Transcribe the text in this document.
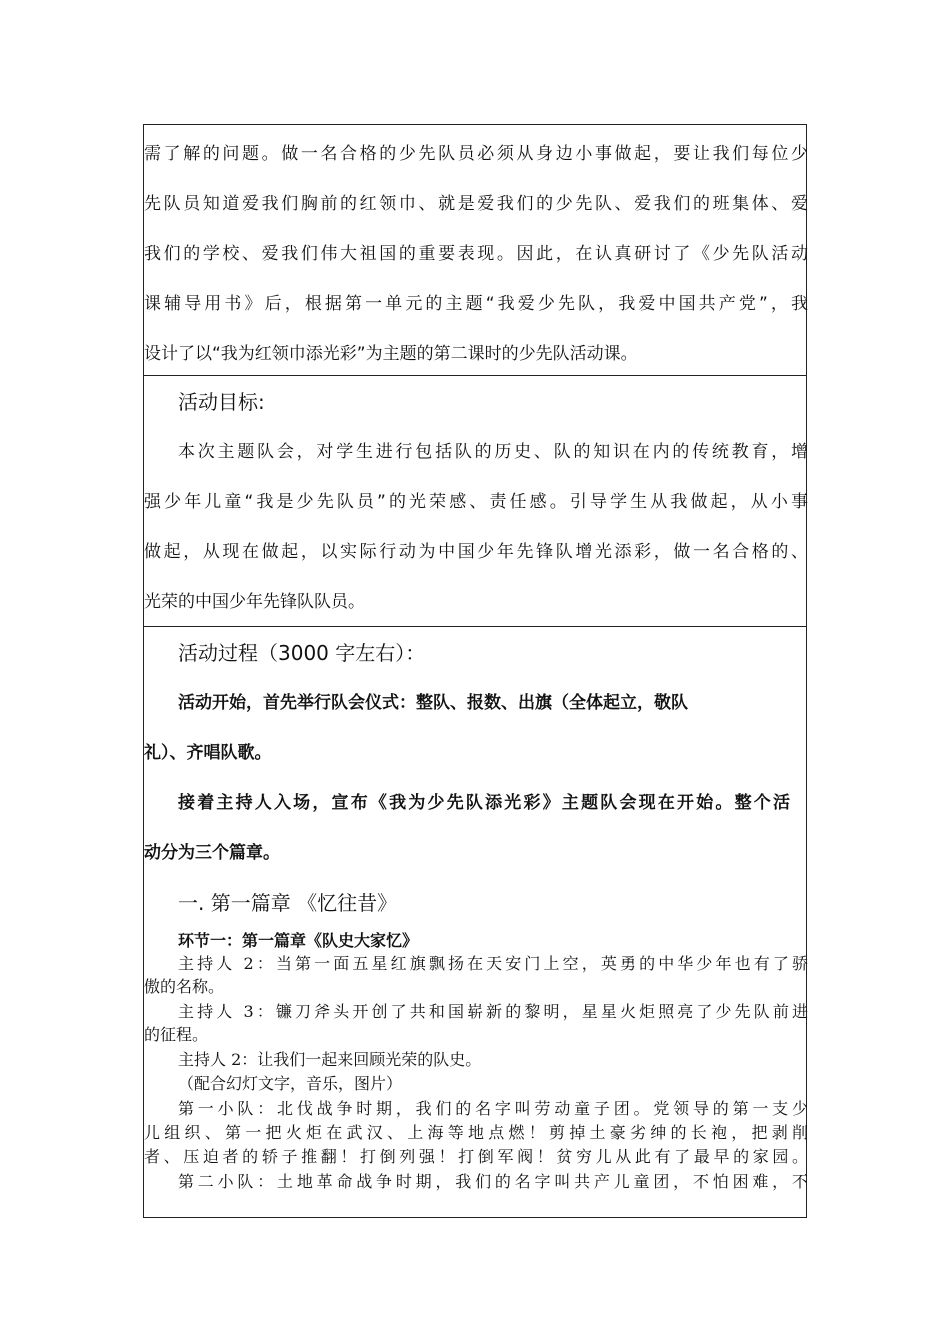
需了解的问题。做一名合格的少先队员必须从身边小事做起，要让我们每位少
先队员知道爱我们胸前的红领巾、就是爱我们的少先队、爱我们的班集体、爱
我们的学校、爱我们伟大祖国的重要表现。因此，在认真研讨了《少先队活动
课辅导用书》后，根据第一单元的主题“我爱少先队，我爱中国共产党”，我
设计了以“我为红领巾添光彩”为主题的第二课时的少先队活动课。
活动目标:
本次主题队会，对学生进行包括队的历史、队的知识在内的传统教育，增
强少年儿童“我是少先队员”的光荣感、责任感。引导学生从我做起，从小事
做起，从现在做起，以实际行动为中国少年先锋队增光添彩，做一名合格的、
光荣的中国少年先锋队队员。
活动过程（3000 字左右）：
活动开始，首先举行队会仪式：整队、报数、出旗（全体起立，敬队
礼）、齐唱队歌。
接着主持人入场，宣布《我为少先队添光彩》主题队会现在开始。整个活
动分为三个篇章。
一. 第一篇章 《忆往昔》
环节一：第一篇章《队史大家忆》
主持人 2：当第一面五星红旗飘扬在天安门上空，英勇的中华少年也有了骄
傲的名称。
主持人 3：镰刀斧头开创了共和国崭新的黎明，星星火炬照亮了少先队前进
的征程。
主持人 2：让我们一起来回顾光荣的队史。
（配合幻灯文字，音乐，图片）
第一小队：北伐战争时期，我们的名字叫劳动童子团。党领导的第一支少
儿组织、第一把火炬在武汉、上海等地点燃！剪掉土豪劣绅的长袍，把剥削
者、压迫者的轿子推翻！打倒列强！打倒军阀！贫穷儿从此有了最早的家园。
第二小队：土地革命战争时期，我们的名字叫共产儿童团，不怕困难，不
